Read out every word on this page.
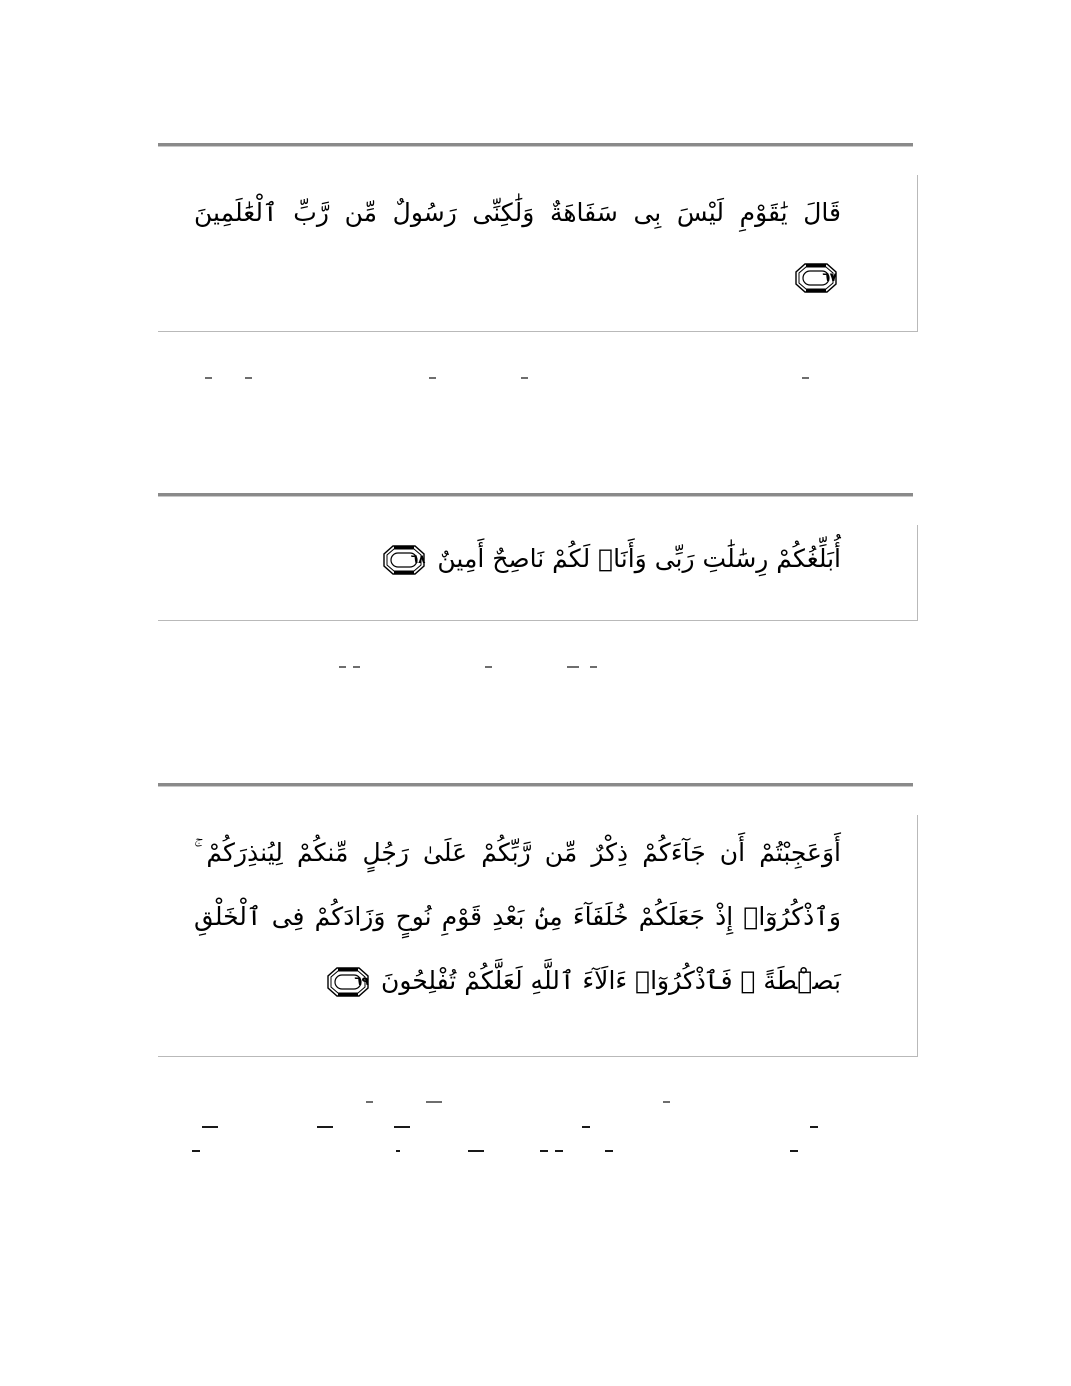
قَالَ يَٰقَوْمِ لَيْسَ بِى سَفَاهَةٌ وَلَٰكِنِّى رَسُولٌ مِّن رَّبِّ ٱلْعَٰلَمِينَ
٦٧
أُبَلِّغُكُمْ رِسَٰلَٰتِ رَبِّى وَأَنَا۠ لَكُمْ نَاصِحٌ أَمِينٌ
٦٨
أَوَعَجِبْتُمْ أَن جَآءَكُمْ ذِكْرٌ مِّن رَّبِّكُمْ عَلَىٰ رَجُلٍ مِّنكُمْ لِيُنذِرَكُمْ ۚ
وَٱذْكُرُوٓا۟ إِذْ جَعَلَكُمْ خُلَفَآءَ مِنۢ بَعْدِ قَوْمِ نُوحٍ وَزَادَكُمْ فِى ٱلْخَلْقِ
بَصْۜطَةً ۖ فَٱذْكُرُوٓا۟ ءَالَآءَ ٱللَّهِ لَعَلَّكُمْ تُفْلِحُونَ
٦٩
